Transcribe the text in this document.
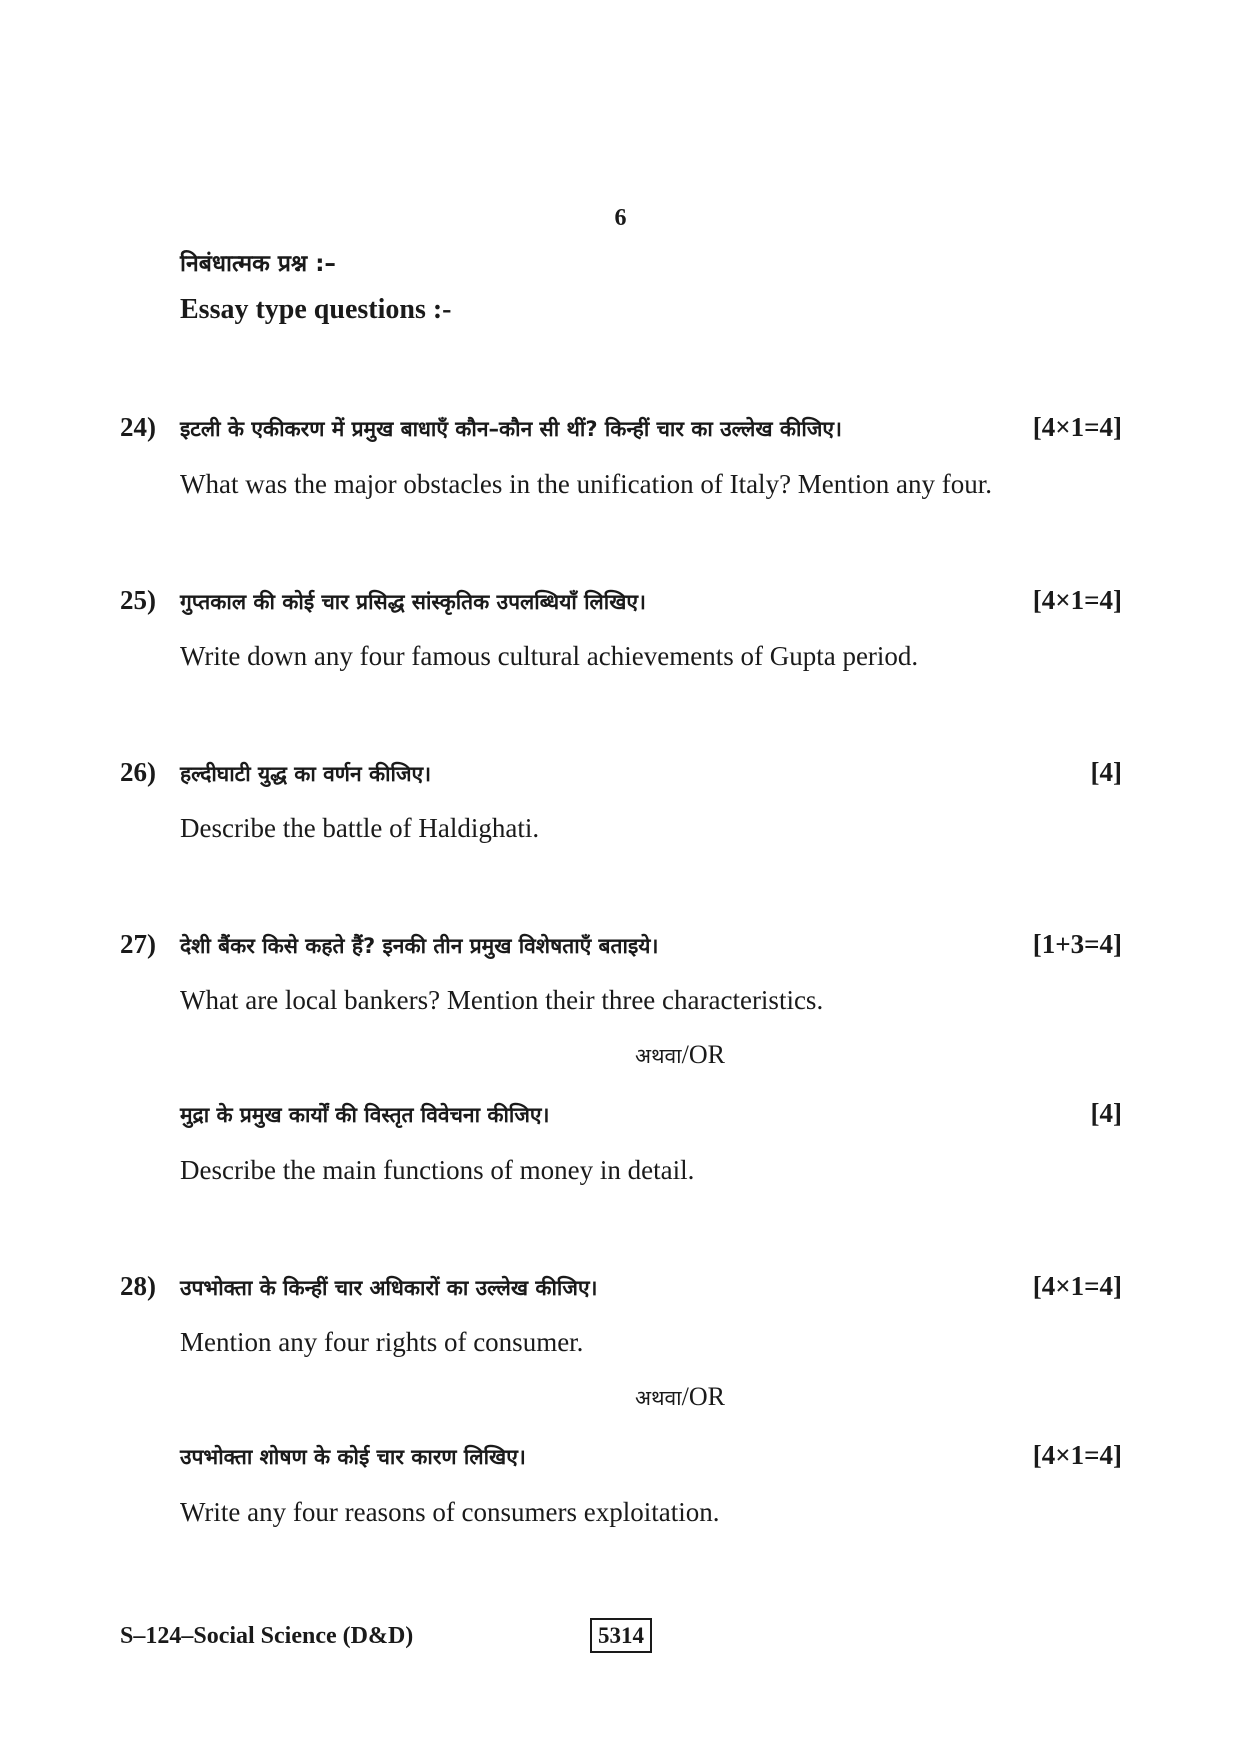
6
निबंधात्मक प्रश्न :–
Essay type questions :-
24) इटली के एकीकरण में प्रमुख बाधाएँ कौन–कौन सी थीं? किन्हीं चार का उल्लेख कीजिए।	[4×1=4]
What was the major obstacles in the unification of Italy? Mention any four.
25) गुप्तकाल की कोई चार प्रसिद्ध सांस्कृतिक उपलब्धियाँ लिखिए।	[4×1=4]
Write down any four famous cultural achievements of Gupta period.
26) हल्दीघाटी युद्ध का वर्णन कीजिए।	[4]
Describe the battle of Haldighati.
27) देशी बैंकर किसे कहते हैं? इनकी तीन प्रमुख विशेषताएँ बताइये।	[1+3=4]
What are local bankers? Mention their three characteristics.
अथवा/OR
मुद्रा के प्रमुख कार्यों की विस्तृत विवेचना कीजिए।	[4]
Describe the main functions of money in detail.
28) उपभोक्ता के किन्हीं चार अधिकारों का उल्लेख कीजिए।	[4×1=4]
Mention any four rights of consumer.
अथवा/OR
उपभोक्ता शोषण के कोई चार कारण लिखिए।	[4×1=4]
Write any four reasons of consumers exploitation.
S–124–Social Science (D&D)	5314
